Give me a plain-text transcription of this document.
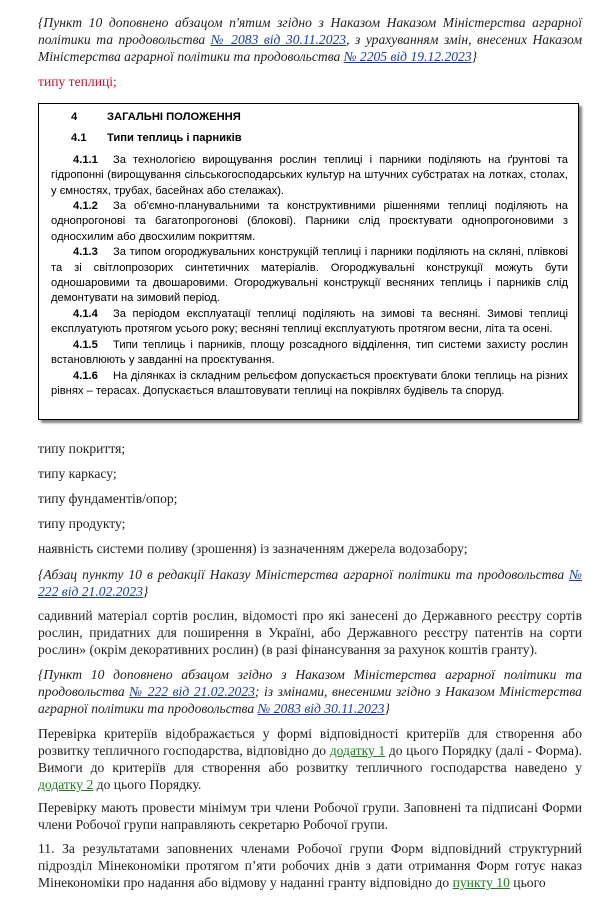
{Пункт 10 доповнено абзацом п'ятим згідно з Наказом Наказом Міністерства аграрної політики та продовольства № 2083 від 30.11.2023, з урахуванням змін, внесених Наказом Міністерства аграрної політики та продовольства № 2205 від 19.12.2023}

типу теплиці;

4	ЗАГАЛЬНІ ПОЛОЖЕННЯ

4.1 Типи теплиць і парників

4.1.1 За технологією вирощування рослин теплиці і парники поділяють на ґрунтові та гідропонні (вирощування сільськогосподарських культур на штучних субстратах на лотках, столах, у ємностях, трубах, басейнах або стелажах).

4.1.2 За об'ємно-планувальними та конструктивними рішеннями теплиці поділяють на однопрогонові та багатопрогонові (блокові). Парники слід проєктувати однопрогоновими з односхилим або двосхилим покриттям.

4.1.3 За типом огороджувальних конструкцій теплиці і парники поділяють на скляні, плівкові та зі світлопрозорих синтетичних матеріалів. Огороджувальні конструкції можуть бути одношаровими та двошаровими. Огороджувальні конструкції весняних теплиць і парників слід демонтувати на зимовий період.

4.1.4 За періодом експлуатації теплиці поділяють на зимові та весняні. Зимові теплиці експлуатують протягом усього року; весняні теплиці експлуатують протягом весни, літа та осені.

4.1.5 Типи теплиць і парників, площу розсадного відділення, тип системи захисту рослин встановлюють у завданні на проєктування.

4.1.6 На ділянках із складним рельєфом допускається проєктувати блоки теплиць на різних рівнях – терасах. Допускається влаштовувати теплиці на покрівлях будівель та споруд.

типу покриття;
типу каркасу;
типу фундаментів/опор;
типу продукту;
наявність системи поливу (зрошення) із зазначенням джерела водозабору;

{Абзац пункту 10 в редакції Наказу Міністерства аграрної політики та продовольства № 222 від 21.02.2023}

садивний матеріал сортів рослин, відомості про які занесені до Державного реєстру сортів рослин, придатних для поширення в Україні, або Державного реєстру патентів на сорти рослин» (окрім декоративних рослин) (в разі фінансування за рахунок коштів гранту).

{Пункт 10 доповнено абзацом згідно з Наказом Міністерства аграрної політики та продовольства № 222 від 21.02.2023; із змінами, внесеними згідно з Наказом Міністерства аграрної політики та продовольства № 2083 від 30.11.2023}

Перевірка критеріїв відображається у формі відповідності критеріїв для створення або розвитку тепличного господарства, відповідно до додатку 1 до цього Порядку (далі - Форма). Вимоги до критеріїв для створення або розвитку тепличного господарства наведено у додатку 2 до цього Порядку.

Перевірку мають провести мінімум три члени Робочої групи. Заповнені та підписані Форми члени Робочої групи направляють секретарю Робочої групи.

11. За результатами заповнених членами Робочої групи Форм відповідний структурний підрозділ Мінекономіки протягом п’яти робочих днів з дати отримання Форм готує наказ Мінекономіки про надання або відмову у наданні гранту відповідно до пункту 10 цього
